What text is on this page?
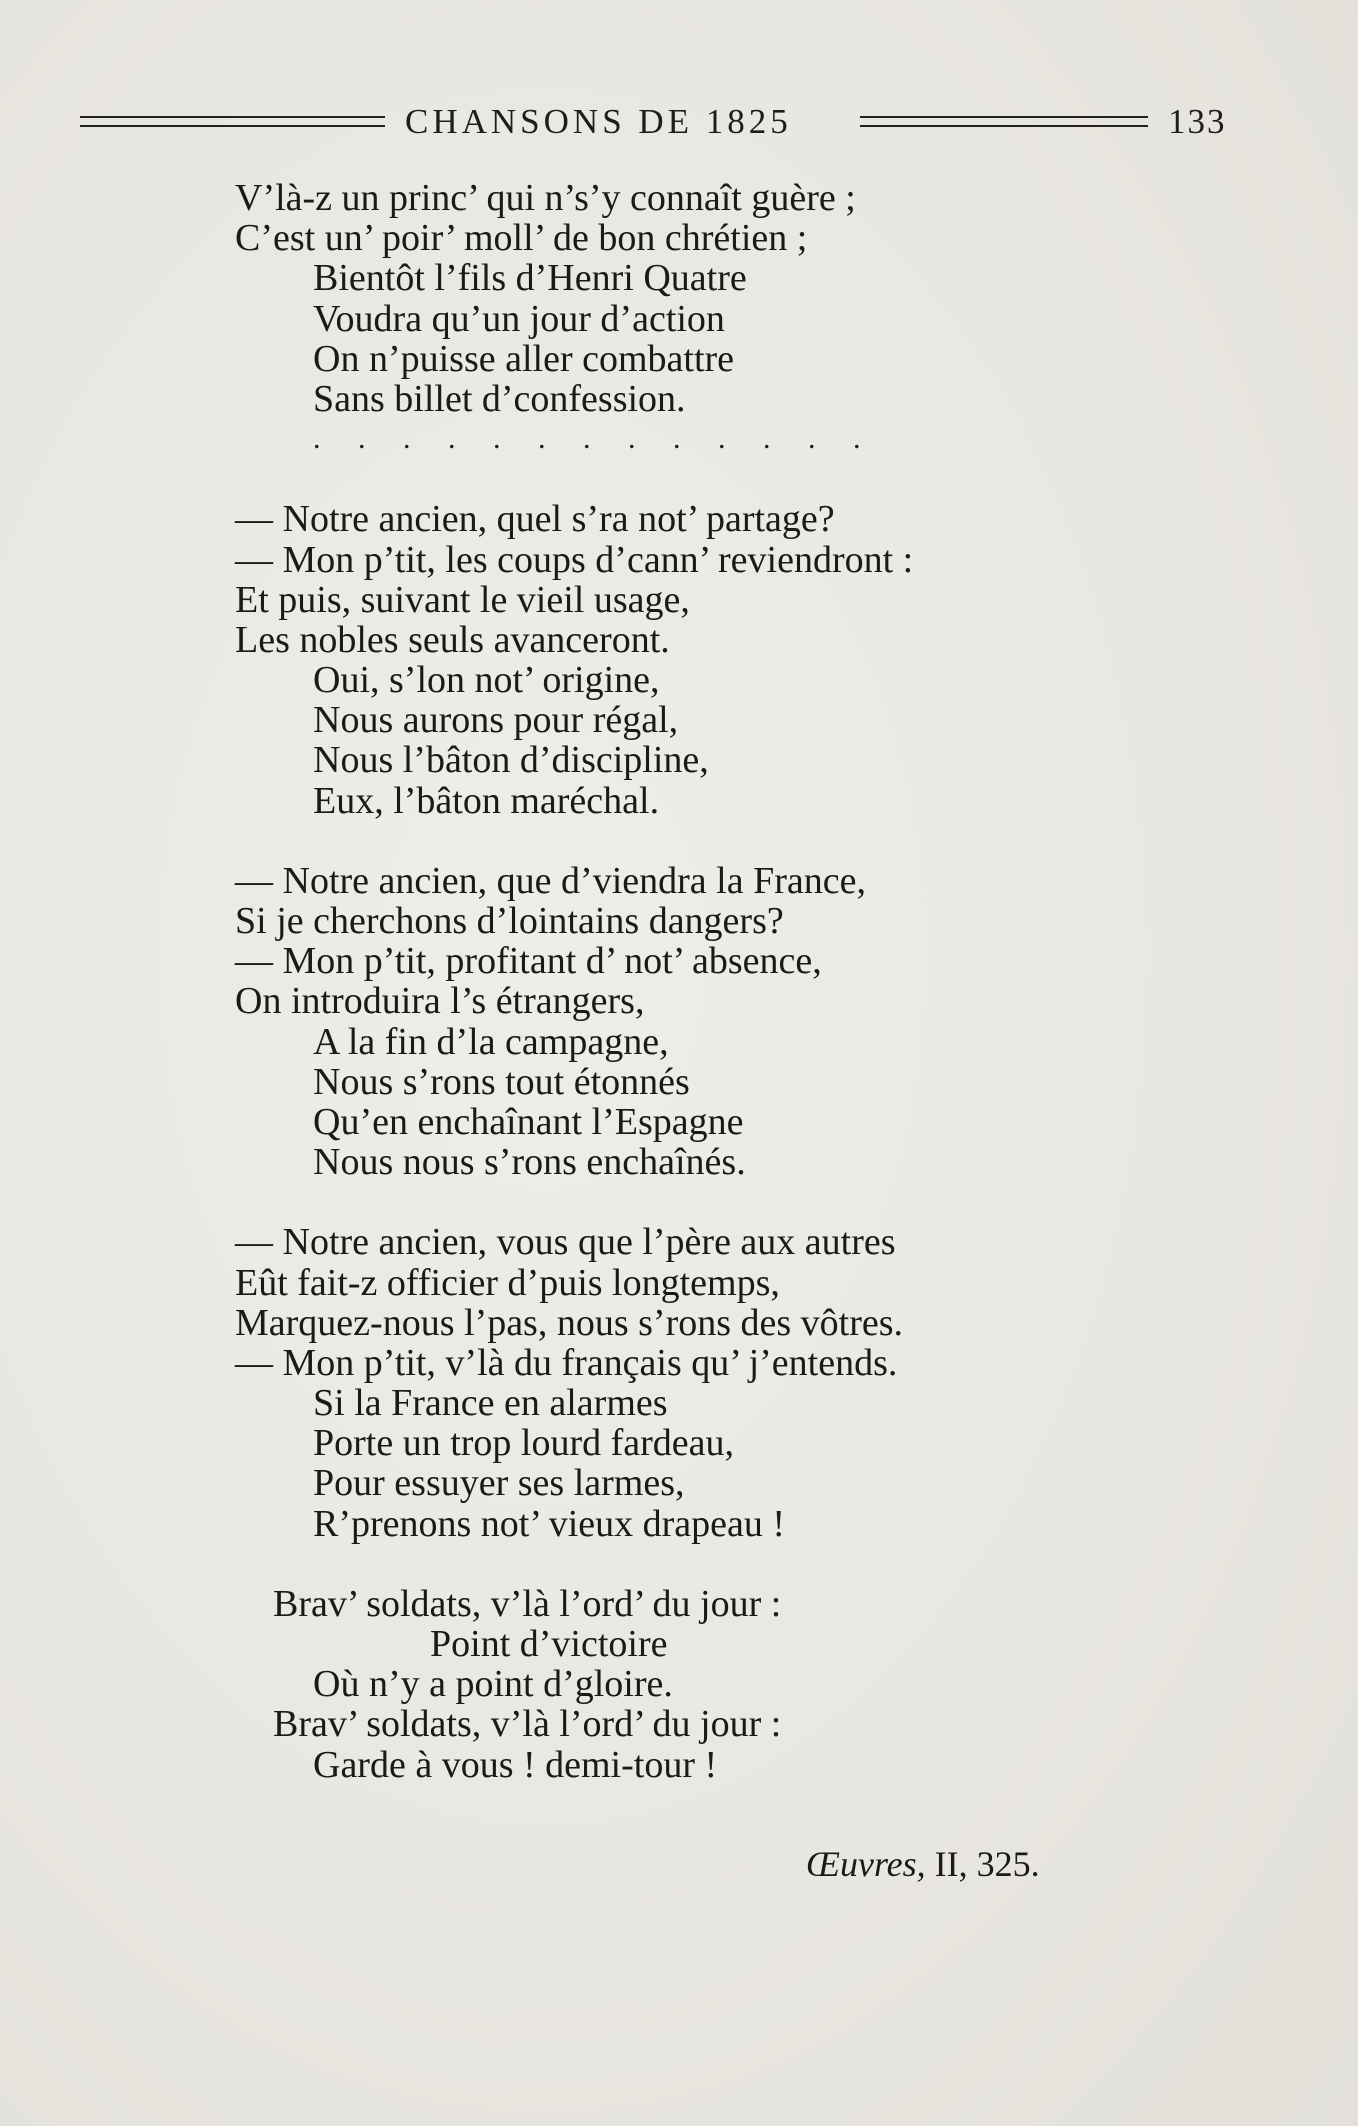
CHANSONS DE 1825	133
V’là-z un princ’ qui n’s’y connaît guère ;
C’est un’ poir’ moll’ de bon chrétien ;
Bientôt l’fils d’Henri Quatre
Voudra qu’un jour d’action
On n’puisse aller combattre
Sans billet d’confession.
. . . . . . . . . . . . .
— Notre ancien, quel s’ra not’ partage?
— Mon p’tit, les coups d’cann’ reviendront :
Et puis, suivant le vieil usage,
Les nobles seuls avanceront.
Oui, s’lon not’ origine,
Nous aurons pour régal,
Nous l’bâton d’discipline,
Eux, l’bâton maréchal.
— Notre ancien, que d’viendra la France,
Si je cherchons d’lointains dangers?
— Mon p’tit, profitant d’ not’ absence,
On introduira l’s étrangers,
A la fin d’la campagne,
Nous s’rons tout étonnés
Qu’en enchaînant l’Espagne
Nous nous s’rons enchaînés.
— Notre ancien, vous que l’père aux autres
Eût fait-z officier d’puis longtemps,
Marquez-nous l’pas, nous s’rons des vôtres.
— Mon p’tit, v’là du français qu’ j’entends.
Si la France en alarmes
Porte un trop lourd fardeau,
Pour essuyer ses larmes,
R’prenons not’ vieux drapeau !
Brav’ soldats, v’là l’ord’ du jour :
Point d’victoire
Où n’y a point d’gloire.
Brav’ soldats, v’là l’ord’ du jour :
Garde à vous ! demi-tour !
Œuvres, II, 325.
